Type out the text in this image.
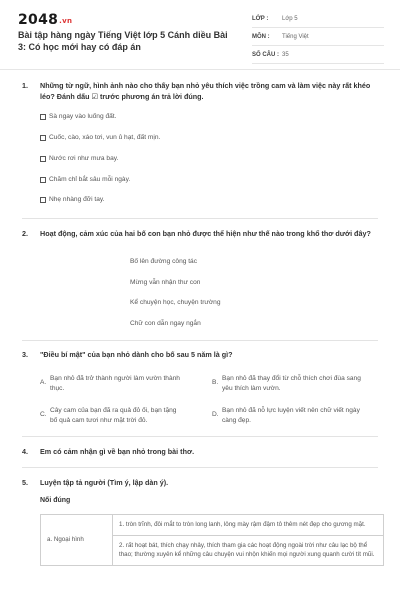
2048.vn
Bài tập hàng ngày Tiếng Việt lớp 5 Cánh diều Bài 3: Có học mới hay có đáp án
LỚP :	Lớp 5
MÔN :	Tiếng Việt
SỐ CÂU : 35
1. Những từ ngữ, hình ảnh nào cho thấy bạn nhỏ yêu thích việc trồng cam và làm việc này rất khéo léo? Đánh dấu ☑ trước phương án trả lời đúng.
Sà ngay vào luống đất.
Cuốc, cào, xáo tơi, vun ủ hạt, đất mịn.
Nước rơi như mưa bay.
Chăm chỉ bắt sâu mỗi ngày.
Nhẹ nhàng đỡi tay.
2. Hoạt động, cảm xúc của hai bố con bạn nhỏ được thể hiện như thế nào trong khổ thơ dưới đây?
Bố lên đường công tác
Mừng vẫn nhận thư con
Kể chuyện học, chuyện trường
Chữ con dẫn ngay ngắn
3. "Điều bí mật" của bạn nhỏ dành cho bố sau 5 năm là gì?
A.
Bạn nhỏ đã trở thành người làm vườn thành thục.
B.
Bạn nhỏ đã thay đổi từ chỗ thích chơi đùa sang yêu thích làm vườn.
C.
Cây cam của bạn đã ra quả đỏ ối, bạn tặng bố quả cam tươi như mặt trời đỏ.
D.
Bạn nhỏ đã nỗ lực luyện viết nên chữ viết ngày càng đẹp.
4. Em có cảm nhận gì về bạn nhỏ trong bài thơ.
5. Luyện tập tả người (Tìm ý, lập dàn ý).
Nối đúng
a. Ngoại hình	1. tròn trĩnh, đôi mắt to tròn long lanh, lông mày rậm đậm tô thêm nét đẹp cho gương mặt.
2. rất hoạt bát, thích chạy nhảy, thích tham gia các hoạt động ngoài trời như câu lạc bộ thể thao; thường xuyên kể những câu chuyện vui nhộn khiến mọi người xung quanh cười tít mũi.
